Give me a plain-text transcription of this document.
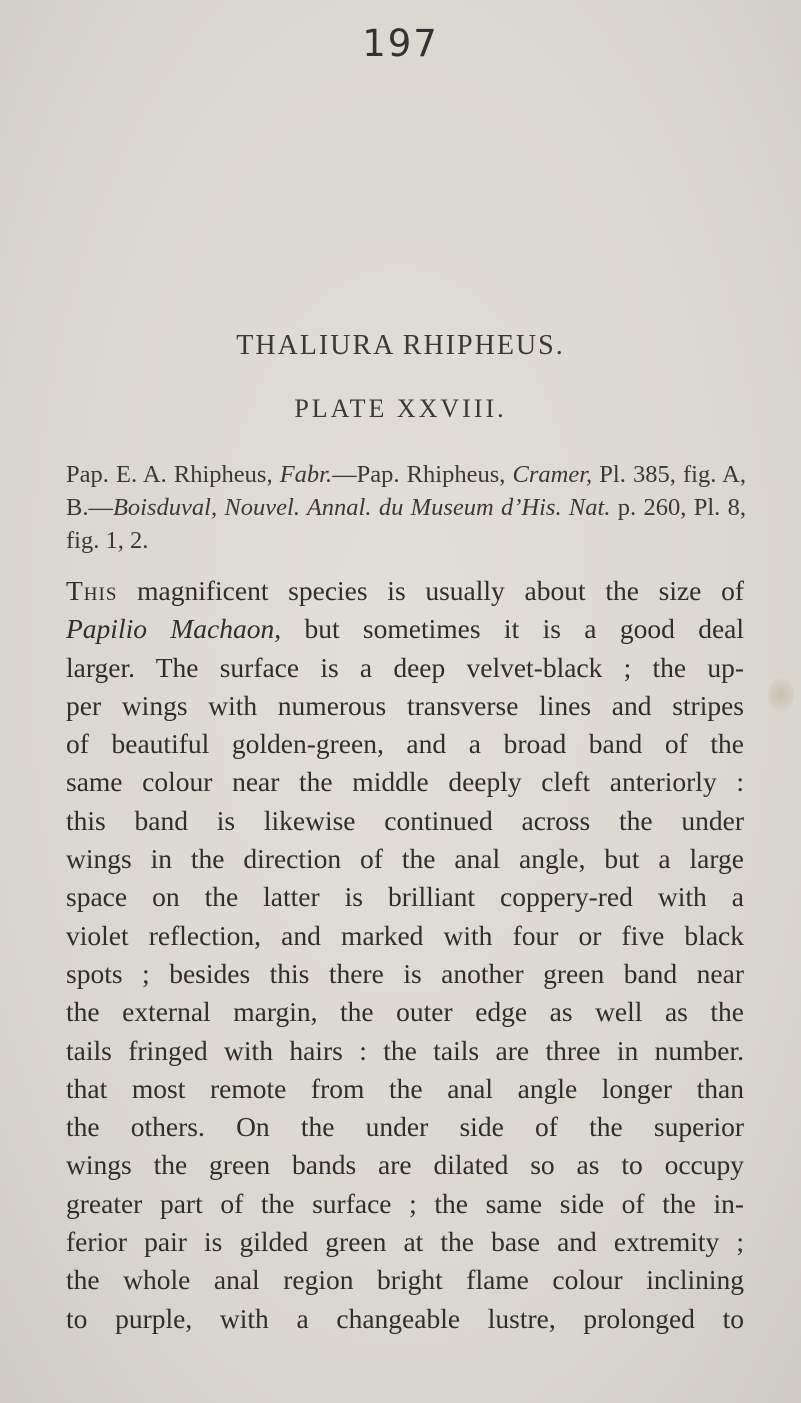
197
THALIURA RHIPHEUS.
PLATE XXVIII.
Pap. E. A. Rhipheus, Fabr.—Pap. Rhipheus, Cramer, Pl. 385, fig. A, B.—Boisduval, Nouvel. Annal. du Museum d’His. Nat. p. 260, Pl. 8, fig. 1, 2.
This magnificent species is usually about the size of
Papilio Machaon, but sometimes it is a good deal
larger. The surface is a deep velvet-black ; the up-
per wings with numerous transverse lines and stripes
of beautiful golden-green, and a broad band of the
same colour near the middle deeply cleft anteriorly :
this band is likewise continued across the under
wings in the direction of the anal angle, but a large
space on the latter is brilliant coppery-red with a
violet reflection, and marked with four or five black
spots ; besides this there is another green band near
the external margin, the outer edge as well as the
tails fringed with hairs : the tails are three in number.
that most remote from the anal angle longer than
the others. On the under side of the superior
wings the green bands are dilated so as to occupy
greater part of the surface ; the same side of the in-
ferior pair is gilded green at the base and extremity ;
the whole anal region bright flame colour inclining
to purple, with a changeable lustre, prolonged to
